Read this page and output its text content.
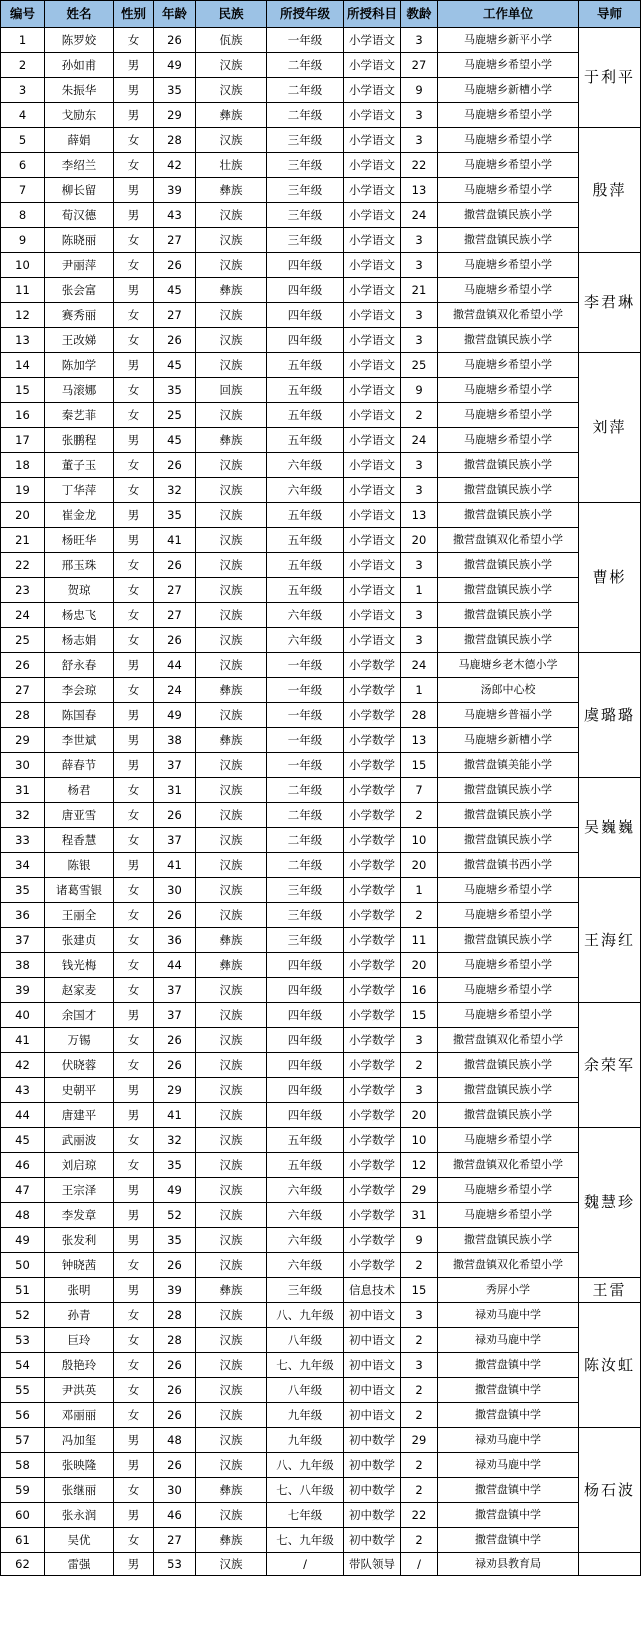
编号	姓名	性别	年龄	民族	所授年级	所授科目	教龄	工作单位	导师
1	陈罗姣	女	26	佤族	一年级	小学语文	3	马鹿塘乡新平小学	于利平
2	孙如甫	男	49	汉族	二年级	小学语文	27	马鹿塘乡希望小学	
3	朱振华	男	35	汉族	二年级	小学语文	9	马鹿塘乡新槽小学	
4	戈励东	男	29	彝族	二年级	小学语文	3	马鹿塘乡希望小学	
5	薛娟	女	28	汉族	三年级	小学语文	3	马鹿塘乡希望小学	殷萍
6	李绍兰	女	42	壮族	三年级	小学语文	22	马鹿塘乡希望小学	
7	柳长留	男	39	彝族	三年级	小学语文	13	马鹿塘乡希望小学	
8	荀汉德	男	43	汉族	三年级	小学语文	24	撒营盘镇民族小学	
9	陈晓丽	女	27	汉族	三年级	小学语文	3	撒营盘镇民族小学	
10	尹丽萍	女	26	汉族	四年级	小学语文	3	马鹿塘乡希望小学	李君琳
11	张会富	男	45	彝族	四年级	小学语文	21	马鹿塘乡希望小学	
12	赛秀丽	女	27	汉族	四年级	小学语文	3	撒营盘镇双化希望小学	
13	王改娣	女	26	汉族	四年级	小学语文	3	撒营盘镇民族小学	
14	陈加学	男	45	汉族	五年级	小学语文	25	马鹿塘乡希望小学	刘萍
15	马滚娜	女	35	回族	五年级	小学语文	9	马鹿塘乡希望小学	
16	秦艺菲	女	25	汉族	五年级	小学语文	2	马鹿塘乡希望小学	
17	张鹏程	男	45	彝族	五年级	小学语文	24	马鹿塘乡希望小学	
18	董子玉	女	26	汉族	六年级	小学语文	3	撒营盘镇民族小学	
19	丁华萍	女	32	汉族	六年级	小学语文	3	撒营盘镇民族小学	
20	崔金龙	男	35	汉族	五年级	小学语文	13	撒营盘镇民族小学	曹彬
21	杨旺华	男	41	汉族	五年级	小学语文	20	撒营盘镇双化希望小学	
22	邢玉珠	女	26	汉族	五年级	小学语文	3	撒营盘镇民族小学	
23	贺琼	女	27	汉族	五年级	小学语文	1	撒营盘镇民族小学	
24	杨忠飞	女	27	汉族	六年级	小学语文	3	撒营盘镇民族小学	
25	杨志娟	女	26	汉族	六年级	小学语文	3	撒营盘镇民族小学	
26	舒永春	男	44	汉族	一年级	小学数学	24	马鹿塘乡老木德小学	虞璐璐
27	李会琼	女	24	彝族	一年级	小学数学	1	汤郎中心校	
28	陈国春	男	49	汉族	一年级	小学数学	28	马鹿塘乡普福小学	
29	李世斌	男	38	彝族	一年级	小学数学	13	马鹿塘乡新槽小学	
30	薛春节	男	37	汉族	一年级	小学数学	15	撒营盘镇美能小学	
31	杨君	女	31	汉族	二年级	小学数学	7	撒营盘镇民族小学	吴巍巍
32	唐亚雪	女	26	汉族	二年级	小学数学	2	撒营盘镇民族小学	
33	程香慧	女	37	汉族	二年级	小学数学	10	撒营盘镇民族小学	
34	陈银	男	41	汉族	二年级	小学数学	20	撒营盘镇书西小学	
35	诸葛雪银	女	30	汉族	三年级	小学数学	1	马鹿塘乡希望小学	王海红
36	王丽全	女	26	汉族	三年级	小学数学	2	马鹿塘乡希望小学	
37	张建贞	女	36	彝族	三年级	小学数学	11	撒营盘镇民族小学	
38	钱光梅	女	44	彝族	四年级	小学数学	20	马鹿塘乡希望小学	
39	赵家麦	女	37	汉族	四年级	小学数学	16	马鹿塘乡希望小学	
40	余国才	男	37	汉族	四年级	小学数学	15	马鹿塘乡希望小学	余荣军
41	万锡	女	26	汉族	四年级	小学数学	3	撒营盘镇双化希望小学	
42	伏晓蓉	女	26	汉族	四年级	小学数学	2	撒营盘镇民族小学	
43	史朝平	男	29	汉族	四年级	小学数学	3	撒营盘镇民族小学	
44	唐建平	男	41	汉族	四年级	小学数学	20	撒营盘镇民族小学	
45	武丽波	女	32	汉族	五年级	小学数学	10	马鹿塘乡希望小学	魏慧珍
46	刘启琼	女	35	汉族	五年级	小学数学	12	撒营盘镇双化希望小学	
47	王宗泽	男	49	汉族	六年级	小学数学	29	马鹿塘乡希望小学	
48	李发章	男	52	汉族	六年级	小学数学	31	马鹿塘乡希望小学	
49	张发利	男	35	汉族	六年级	小学数学	9	撒营盘镇民族小学	
50	钟晓茜	女	26	汉族	六年级	小学数学	2	撒营盘镇双化希望小学	
51	张明	男	39	彝族	三年级	信息技术	15	秀屏小学	王雷
52	孙青	女	28	汉族	八、九年级	初中语文	3	禄劝马鹿中学	陈汝虹
53	巨玲	女	28	汉族	八年级	初中语文	2	禄劝马鹿中学	
54	殷艳玲	女	26	汉族	七、九年级	初中语文	3	撒营盘镇中学	
55	尹洪英	女	26	汉族	八年级	初中语文	2	撒营盘镇中学	
56	邓丽丽	女	26	汉族	九年级	初中语文	2	撒营盘镇中学	
57	冯加玺	男	48	汉族	九年级	初中数学	29	禄劝马鹿中学	杨石波
58	张映隆	男	26	汉族	八、九年级	初中数学	2	禄劝马鹿中学	
59	张继丽	女	30	彝族	七、八年级	初中数学	2	撒营盘镇中学	
60	张永润	男	46	汉族	七年级	初中数学	22	撒营盘镇中学	
61	吴优	女	27	彝族	七、九年级	初中数学	2	撒营盘镇中学	
62	雷强	男	53	汉族	/	带队领导	/	禄劝县教育局	
